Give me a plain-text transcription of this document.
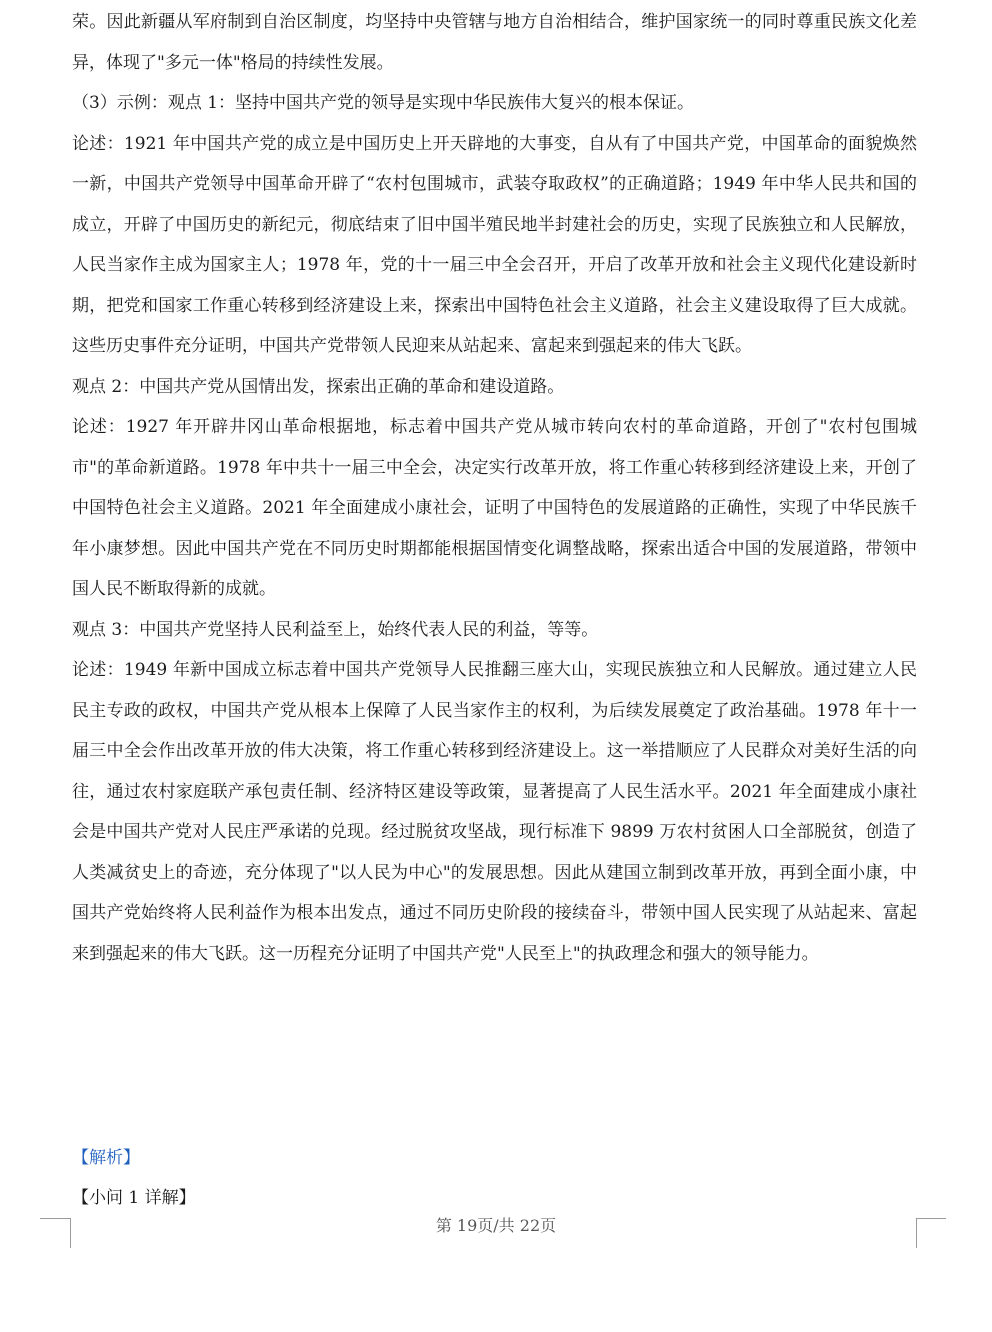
荣。因此新疆从军府制到自治区制度，均坚持中央管辖与地方自治相结合，维护国家统一的同时尊重民族文化差异，体现了"多元一体"格局的持续性发展。

（3）示例：观点 1：坚持中国共产党的领导是实现中华民族伟大复兴的根本保证。

论述：1921 年中国共产党的成立是中国历史上开天辟地的大事变，自从有了中国共产党，中国革命的面貌焕然一新，中国共产党领导中国革命开辟了“农村包围城市，武装夺取政权”的正确道路；1949 年中华人民共和国的成立，开辟了中国历史的新纪元，彻底结束了旧中国半殖民地半封建社会的历史，实现了民族独立和人民解放，人民当家作主成为国家主人；1978 年，党的十一届三中全会召开，开启了改革开放和社会主义现代化建设新时期，把党和国家工作重心转移到经济建设上来，探索出中国特色社会主义道路，社会主义建设取得了巨大成就。这些历史事件充分证明，中国共产党带领人民迎来从站起来、富起来到强起来的伟大飞跃。

观点 2：中国共产党从国情出发，探索出正确的革命和建设道路。

论述：1927 年开辟井冈山革命根据地，标志着中国共产党从城市转向农村的革命道路，开创了"农村包围城市"的革命新道路。1978 年中共十一届三中全会，决定实行改革开放，将工作重心转移到经济建设上来，开创了中国特色社会主义道路。2021 年全面建成小康社会，证明了中国特色的发展道路的正确性，实现了中华民族千年小康梦想。因此中国共产党在不同历史时期都能根据国情变化调整战略，探索出适合中国的发展道路，带领中国人民不断取得新的成就。

观点 3：中国共产党坚持人民利益至上，始终代表人民的利益，等等。

论述：1949 年新中国成立标志着中国共产党领导人民推翻三座大山，实现民族独立和人民解放。通过建立人民民主专政的政权，中国共产党从根本上保障了人民当家作主的权利，为后续发展奠定了政治基础。1978 年十一届三中全会作出改革开放的伟大决策，将工作重心转移到经济建设上。这一举措顺应了人民群众对美好生活的向往，通过农村家庭联产承包责任制、经济特区建设等政策，显著提高了人民生活水平。2021 年全面建成小康社会是中国共产党对人民庄严承诺的兑现。经过脱贫攻坚战，现行标准下 9899 万农村贫困人口全部脱贫，创造了人类减贫史上的奇迹，充分体现了"以人民为中心"的发展思想。因此从建国立制到改革开放，再到全面小康，中国共产党始终将人民利益作为根本出发点，通过不同历史阶段的接续奋斗，带领中国人民实现了从站起来、富起来到强起来的伟大飞跃。这一历程充分证明了中国共产党"人民至上"的执政理念和强大的领导能力。

【解析】
【小问 1 详解】
第 19页/共 22页
